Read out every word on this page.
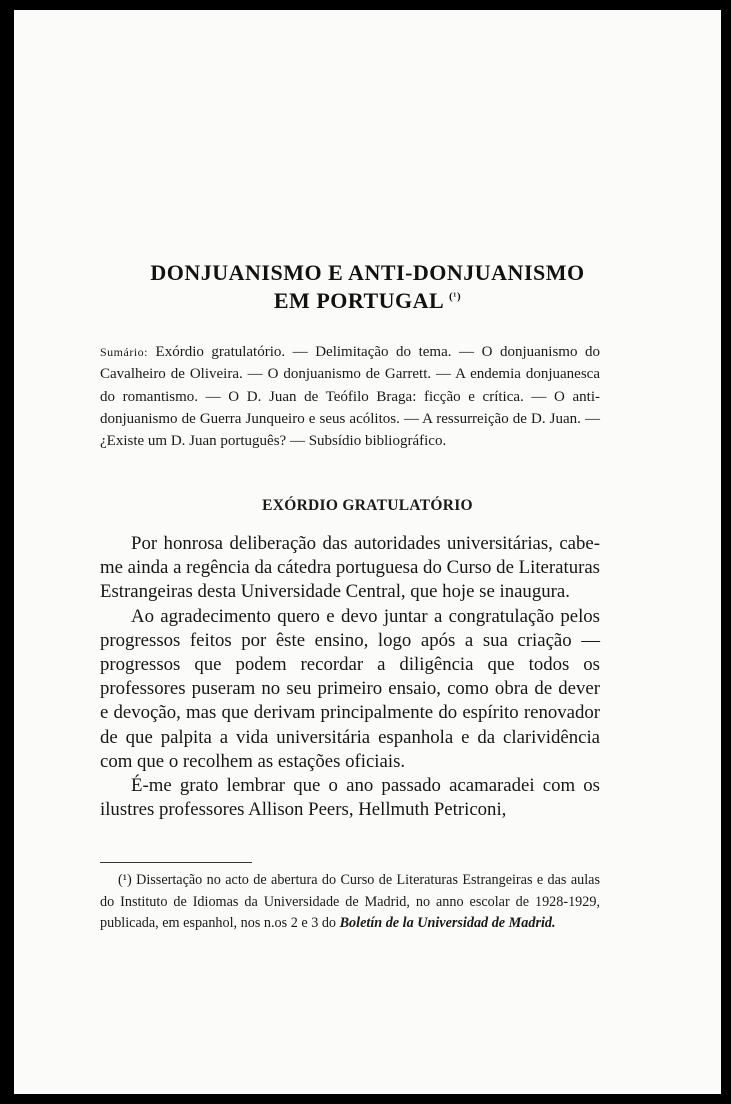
DONJUANISMO E ANTI-DONJUANISMO
EM PORTUGAL $^{(^1)}$

Sumário: Exórdio gratulatório. — Delimitação do tema. — O donjuanismo do Cavalheiro de Oliveira. — O donjuanismo de Garrett. — A endemia donjuanesca do romantismo. — O D. Juan de Teófilo Braga: ficção e crítica. — O anti-donjuanismo de Guerra Junqueiro e seus acólitos. — A ressurreição de D. Juan. — ¿Existe um D. Juan português? — Subsídio bibliográfico.

EXÓRDIO GRATULATÓRIO

Por honrosa deliberação das autoridades universitárias, cabe-me ainda a regência da cátedra portuguesa do Curso de Literaturas Estrangeiras desta Universidade Central, que hoje se inaugura.

Ao agradecimento quero e devo juntar a congratulação pelos progressos feitos por êste ensino, logo após a sua criação — progressos que podem recordar a diligência que todos os professores puseram no seu primeiro ensaio, como obra de dever e devoção, mas que derivam principalmente do espírito renovador de que palpita a vida universitária espanhola e da clarividência com que o recolhem as estações oficiais.

É-me grato lembrar que o ano passado acamaradei com os ilustres professores Allison Peers, Hellmuth Petriconi,

(¹) Dissertação no acto de abertura do Curso de Literaturas Estrangeiras e das aulas do Instituto de Idiomas da Universidade de Madrid, no anno escolar de 1928-1929, publicada, em espanhol, nos n.os 2 e 3 do Boletín de la Universidad de Madrid.
